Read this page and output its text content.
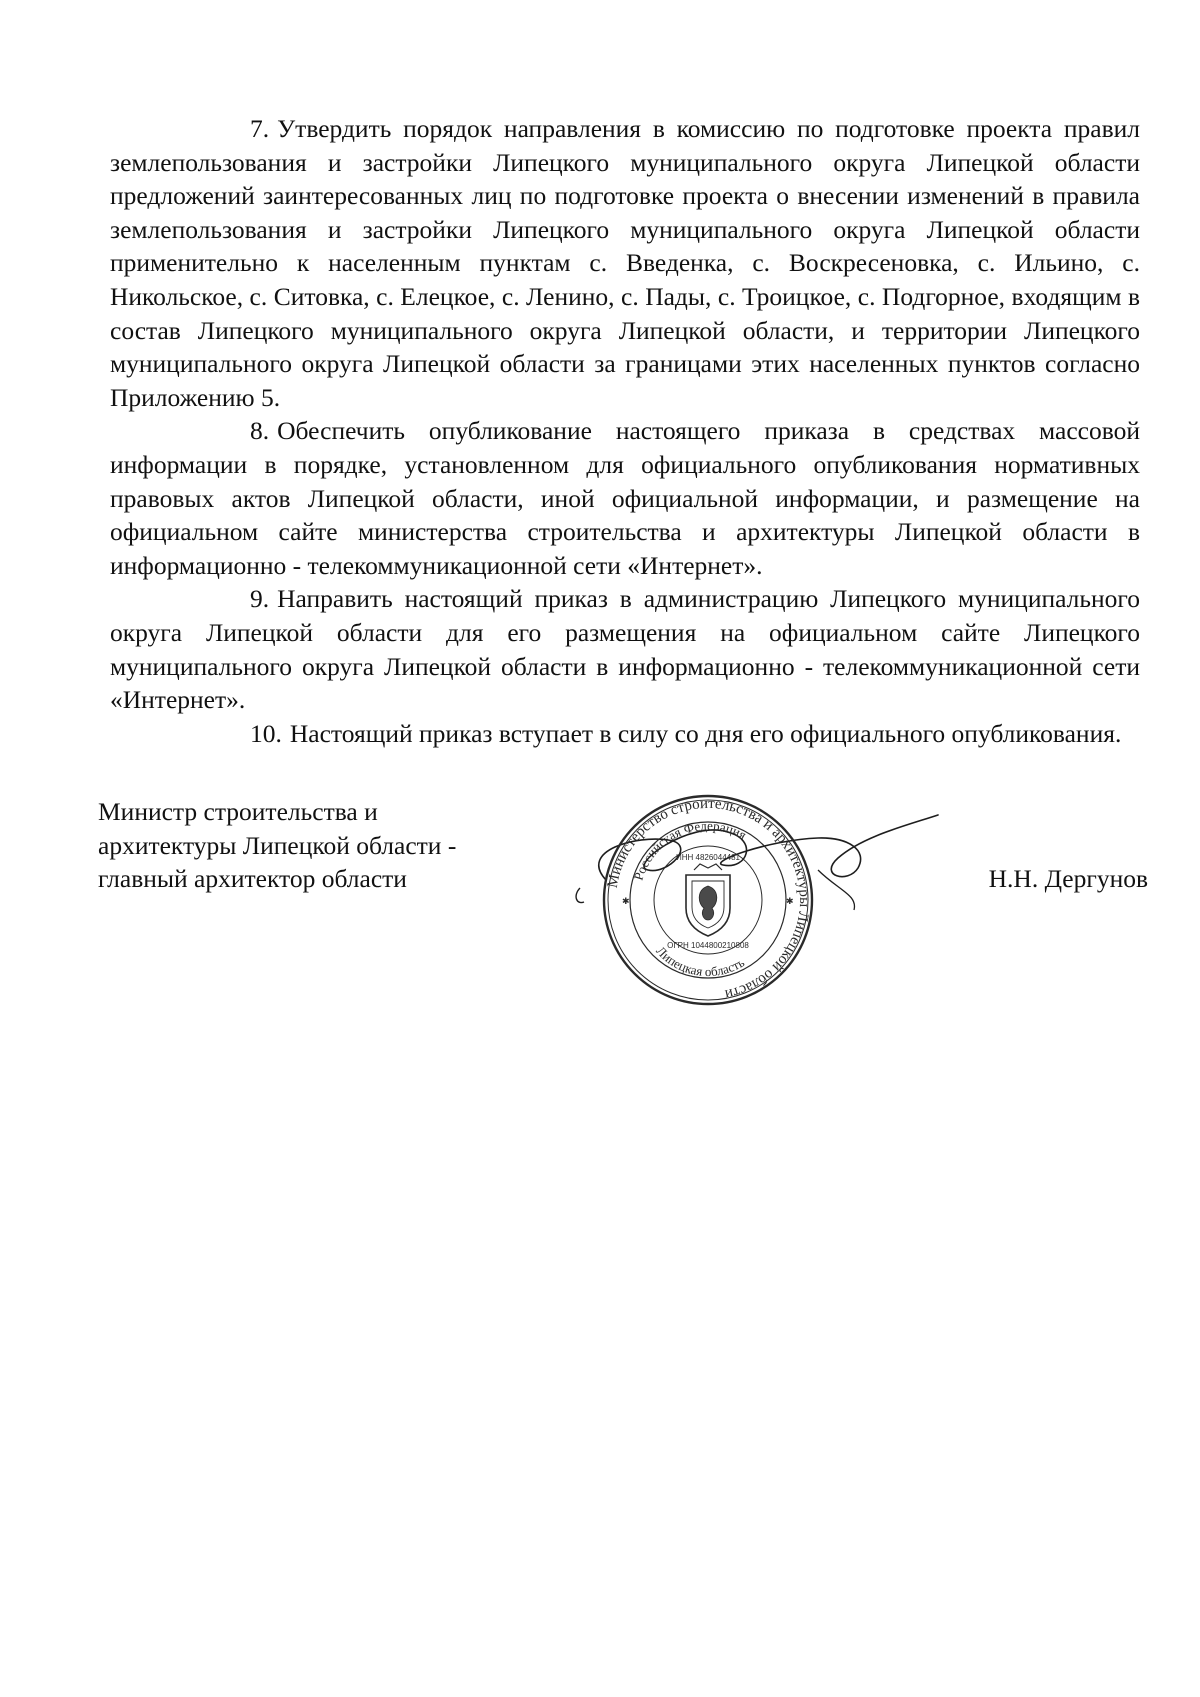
7. Утвердить порядок направления в комиссию по подготовке проекта правил землепользования и застройки Липецкого муниципального округа Липецкой области предложений заинтересованных лиц по подготовке проекта о внесении изменений в правила землепользования и застройки Липецкого муниципального округа Липецкой области применительно к населенным пунктам с. Введенка, с. Воскресеновка, с. Ильино, с. Никольское, с. Ситовка, с. Елецкое, с. Ленино, с. Пады, с. Троицкое, с. Подгорное, входящим в состав Липецкого муниципального округа Липецкой области, и территории Липецкого муниципального округа Липецкой области за границами этих населенных пунктов согласно Приложению 5.

8. Обеспечить опубликование настоящего приказа в средствах массовой информации в порядке, установленном для официального опубликования нормативных правовых актов Липецкой области, иной официальной информации, и размещение на официальном сайте министерства строительства и архитектуры Липецкой области в информационно - телекоммуникационной сети «Интернет».

9. Направить настоящий приказ в администрацию Липецкого муниципального округа Липецкой области для его размещения на официальном сайте Липецкого муниципального округа Липецкой области в информационно - телекоммуникационной сети «Интернет».

10. Настоящий приказ вступает в силу со дня его официального опубликования.

Министр строительства и
архитектуры Липецкой области -
главный архитектор области	Министерство строительства и архитектуры Липецкой области
Российская Федерация
Липецкая область
ИНН 4826044481
ОГРН 1044800210808
✱	✱
Н.Н. Дергунов
